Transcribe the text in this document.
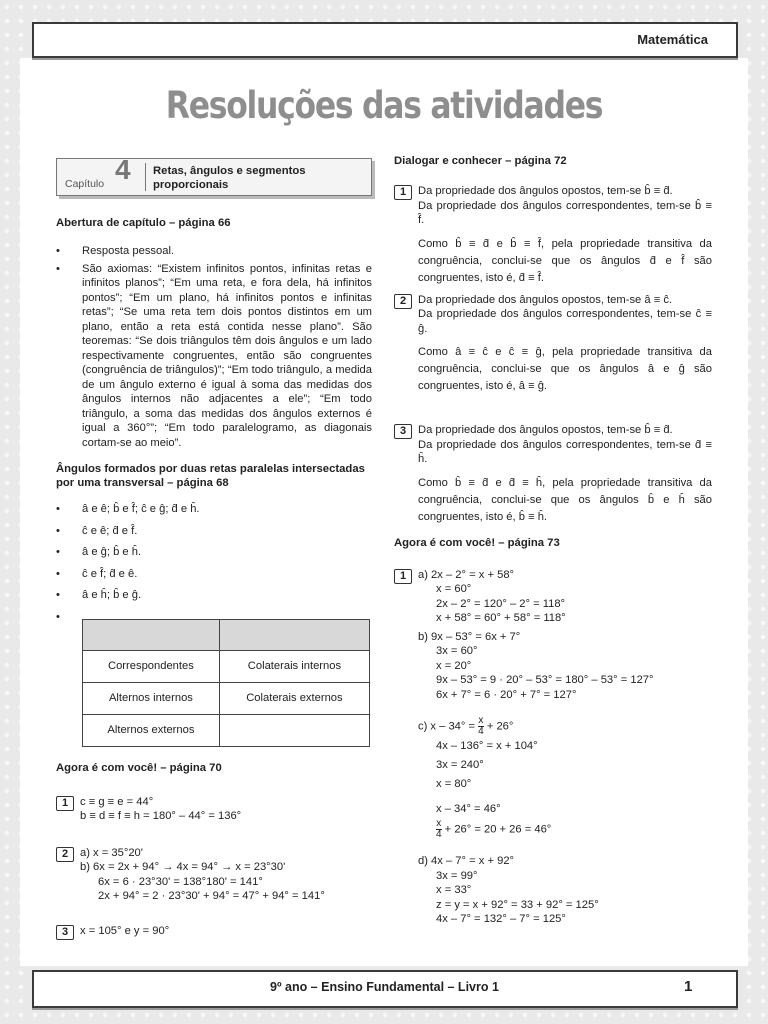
Matemática
Resoluções das atividades
Capítulo 4 Retas, ângulos e segmentos
proporcionais
Abertura de capítulo – página 66
• Resposta pessoal.
• São axiomas: “Existem infinitos pontos, infinitas retas e infinitos planos”; “Em uma reta, e fora dela, há infinitos pontos”; “Em um plano, há infinitos pontos e infinitas retas”; “Se uma reta tem dois pontos distintos em um plano, então a reta está contida nesse plano”. São teoremas: “Se dois triângulos têm dois ângulos e um lado respectivamente congruentes, então são congruentes (congruência de triângulos)”; “Em todo triângulo, a medida de um ângulo externo é igual à soma das medidas dos ângulos internos não adjacentes a ele”; “Em todo triângulo, a soma das medidas dos ângulos externos é igual a 360°”; “Em todo paralelogramo, as diagonais cortam-se ao meio”.
Ângulos formados por duas retas paralelas intersectadas por uma transversal – página 68
• â e ê; b̂ e f̂; ĉ e ĝ; d̂ e ĥ.
• ĉ e ê; d̂ e f̂.
• â e ĝ; b̂ e ĥ.
• ĉ e f̂; d̂ e ê.
• â e ĥ; b̂ e ĝ.
•

Correspondentes	Colaterais internos
Alternos internos	Colaterais externos
Alternos externos	
Agora é com você! – página 70
1	c ≡ g ≡ e = 44°
b ≡ d ≡ f ≡ h = 180° – 44° = 136°
2	a) x = 35°20'
b) 6x = 2x + 94° → 4x = 94° → x = 23°30'
6x = 6 · 23°30' = 138°180' = 141°
2x + 94° = 2 · 23°30' + 94° = 47° + 94° = 141°
3	x = 105° e y = 90°
Dialogar e conhecer – página 72
1	Da propriedade dos ângulos opostos, tem-se b̂ ≡ d̂.
Da propriedade dos ângulos correspondentes, tem-se b̂ ≡ f̂.
Como b̂ ≡ d̂ e b̂ ≡ f̂, pela propriedade transitiva da congruência, conclui-se que os ângulos d̂ e f̂ são congruentes, isto é, d̂ ≡ f̂.
2	Da propriedade dos ângulos opostos, tem-se â ≡ ĉ.
Da propriedade dos ângulos correspondentes, tem-se ĉ ≡ ĝ.
Como â ≡ ĉ e ĉ ≡ ĝ, pela propriedade transitiva da congruência, conclui-se que os ângulos â e ĝ são congruentes, isto é, â ≡ ĝ.
3	Da propriedade dos ângulos opostos, tem-se b̂ ≡ d̂.
Da propriedade dos ângulos correspondentes, tem-se d̂ ≡ ĥ.
Como b̂ ≡ d̂ e d̂ ≡ ĥ, pela propriedade transitiva da congruência, conclui-se que os ângulos b̂ e ĥ são congruentes, isto é, b̂ ≡ ĥ.
Agora é com você! – página 73
1	a) 2x – 2° = x + 58°
x = 60°
2x – 2° = 120° – 2° = 118°
x + 58° = 60° + 58° = 118°
b) 9x – 53° = 6x + 7°
3x = 60°
x = 20°
9x – 53° = 9 · 20° – 53° = 180° – 53° = 127°
6x + 7° = 6 · 20° + 7° = 127°
c) $x - 34^\circ = \frac{x}{4} + 26^\circ$
4x – 136° = x + 104°
3x = 240°
x = 80°
x – 34° = 46°
$\frac{x}{4} + 26^\circ = 20 + 26 = 46^\circ$
d) 4x – 7° = x + 92°
3x = 99°
x = 33°
z = y = x + 92° = 33 + 92° = 125°
4x – 7° = 132° – 7° = 125°
9º ano – Ensino Fundamental – Livro 1	1
